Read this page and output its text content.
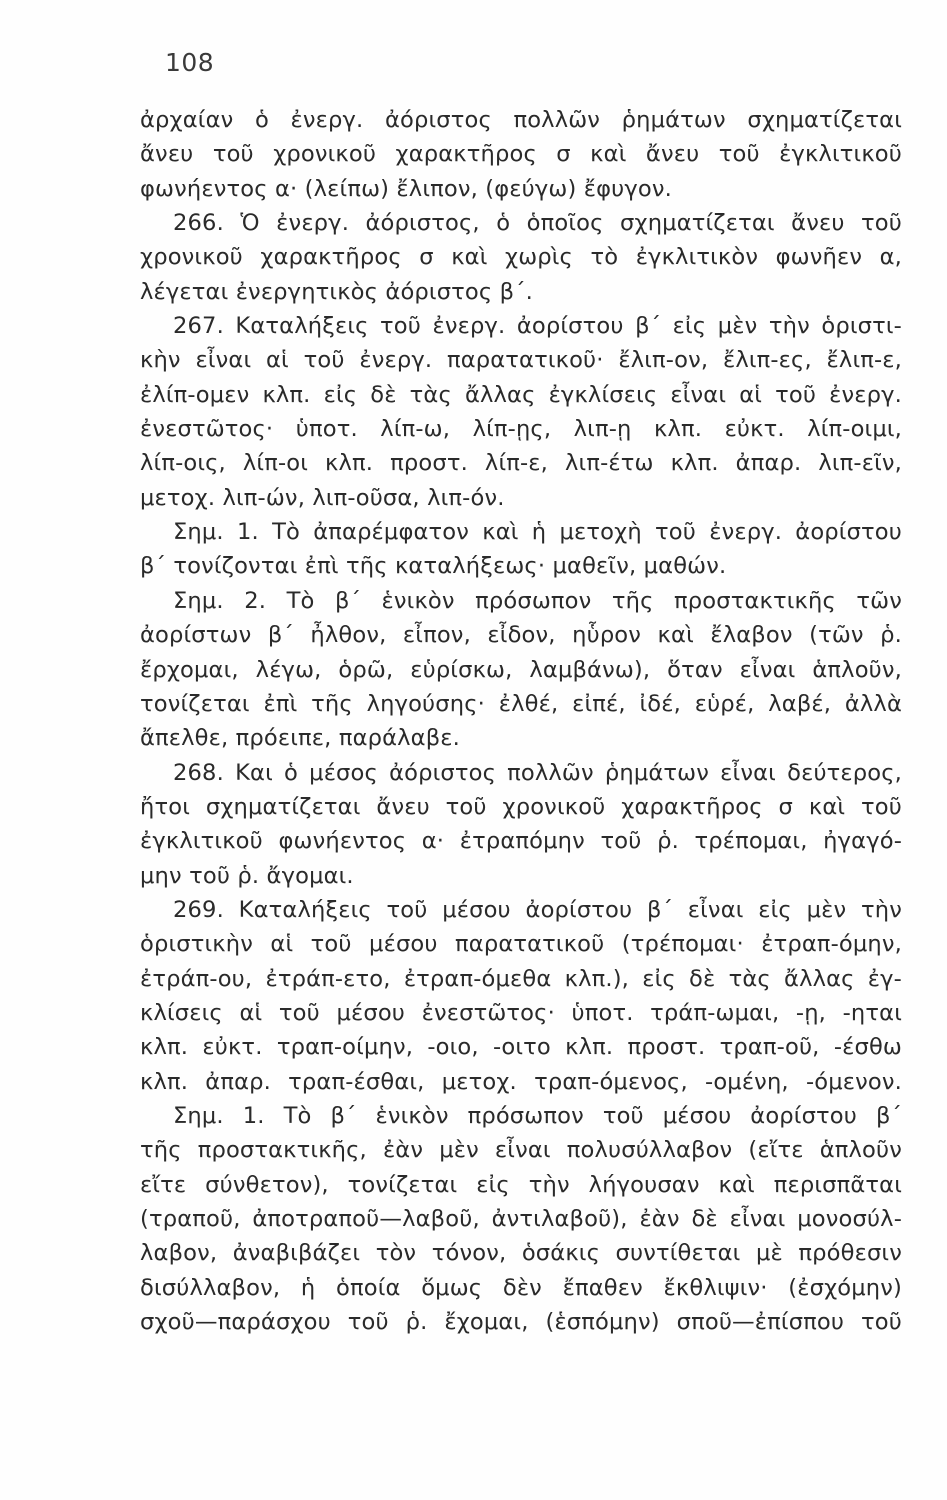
108
ἀρχαίαν ὁ ἐνεργ. ἀόριστος πολλῶν ῥημάτων σχηματίζεται
ἄνευ τοῦ χρονικοῦ χαρακτῆρος σ καὶ ἄνευ τοῦ ἐγκλιτικοῦ
φωνήεντος α· (λείπω) ἔλιπον, (φεύγω) ἔφυγον.
266. Ὁ ἐνεργ. ἀόριστος, ὁ ὁποῖος σχηματίζεται ἄνευ τοῦ
χρονικοῦ χαρακτῆρος σ καὶ χωρὶς τὸ ἐγκλιτικὸν φωνῆεν α,
λέγεται ἐνεργητικὸς ἀόριστος β΄.
267. Καταλήξεις τοῦ ἐνεργ. ἀορίστου β΄ εἰς μὲν τὴν ὁριστι-
κὴν εἶναι αἱ τοῦ ἐνεργ. παρατατικοῦ· ἔλιπ-ον, ἔλιπ-ες, ἔλιπ-ε,
ἐλίπ-ομεν κλπ. εἰς δὲ τὰς ἄλλας ἐγκλίσεις εἶναι αἱ τοῦ ἐνεργ.
ἐνεστῶτος· ὑποτ. λίπ-ω, λίπ-ῃς, λιπ-ῃ κλπ. εὐκτ. λίπ-οιμι,
λίπ-οις, λίπ-οι κλπ. προστ. λίπ-ε, λιπ-έτω κλπ. ἀπαρ. λιπ-εῖν,
μετοχ. λιπ-ών, λιπ-οῦσα, λιπ-όν.
Σημ. 1. Τὸ ἀπαρέμφατον καὶ ἡ μετοχὴ τοῦ ἐνεργ. ἀορίστου
β΄ τονίζονται ἐπὶ τῆς καταλήξεως· μαθεῖν, μαθών.
Σημ. 2. Τὸ β΄ ἑνικὸν πρόσωπον τῆς προστακτικῆς τῶν
ἀορίστων β΄ ἦλθον, εἶπον, εἶδον, ηὗρον καὶ ἔλαβον (τῶν ῥ.
ἔρχομαι, λέγω, ὁρῶ, εὑρίσκω, λαμβάνω), ὅταν εἶναι ἁπλοῦν,
τονίζεται ἐπὶ τῆς ληγούσης· ἐλθέ, εἰπέ, ἰδέ, εὑρέ, λαβέ, ἀλλὰ
ἄπελθε, πρόειπε, παράλαβε.
268. Και ὁ μέσος ἀόριστος πολλῶν ῥημάτων εἶναι δεύτερος,
ἤτοι σχηματίζεται ἄνευ τοῦ χρονικοῦ χαρακτῆρος σ καὶ τοῦ
ἐγκλιτικοῦ φωνήεντος α· ἐτραπόμην τοῦ ῥ. τρέπομαι, ἠγαγό-
μην τοῦ ῥ. ἄγομαι.
269. Καταλήξεις τοῦ μέσου ἀορίστου β΄ εἶναι εἰς μὲν τὴν
ὁριστικὴν αἱ τοῦ μέσου παρατατικοῦ (τρέπομαι· ἐτραπ-όμην,
ἐτράπ-ου, ἐτράπ-ετο, ἐτραπ-όμεθα κλπ.), εἰς δὲ τὰς ἄλλας ἐγ-
κλίσεις αἱ τοῦ μέσου ἐνεστῶτος· ὑποτ. τράπ-ωμαι, -ῃ, -ηται
κλπ. εὐκτ. τραπ-οίμην, -οιο, -οιτο κλπ. προστ. τραπ-οῦ, -έσθω
κλπ. ἀπαρ. τραπ-έσθαι, μετοχ. τραπ-όμενος, -ομένη, -όμενον.
Σημ. 1. Τὸ β΄ ἑνικὸν πρόσωπον τοῦ μέσου ἀορίστου β΄
τῆς προστακτικῆς, ἐὰν μὲν εἶναι πολυσύλλαβον (εἴτε ἁπλοῦν
εἴτε σύνθετον), τονίζεται εἰς τὴν λήγουσαν καὶ περισπᾶται
(τραποῦ, ἀποτραποῦ—λαβοῦ, ἀντιλαβοῦ), ἐὰν δὲ εἶναι μονοσύλ-
λαβον, ἀναβιβάζει τὸν τόνον, ὁσάκις συντίθεται μὲ πρόθεσιν
δισύλλαβον, ἡ ὁποία ὅμως δὲν ἔπαθεν ἔκθλιψιν· (ἐσχόμην)
σχοῦ—παράσχου τοῦ ῥ. ἔχομαι, (ἑσπόμην) σποῦ—ἐπίσπου τοῦ
